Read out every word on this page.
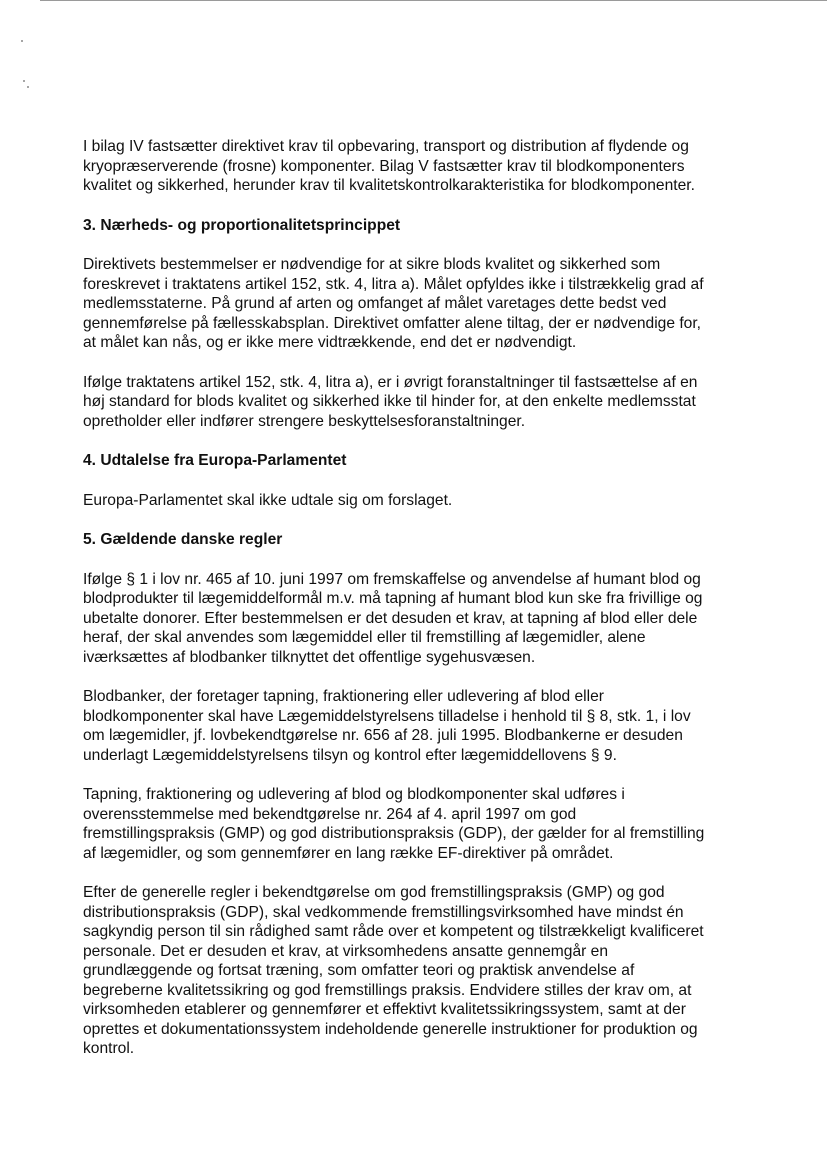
I bilag IV fastsætter direktivet krav til opbevaring, transport og distribution af flydende og
kryopræserverende (frosne) komponenter. Bilag V fastsætter krav til blodkomponenters
kvalitet og sikkerhed, herunder krav til kvalitetskontrolkarakteristika for blodkomponenter.

3. Nærheds- og proportionalitetsprincippet

Direktivets bestemmelser er nødvendige for at sikre blods kvalitet og sikkerhed som
foreskrevet i traktatens artikel 152, stk. 4, litra a). Målet opfyldes ikke i tilstrækkelig grad af
medlemsstaterne. På grund af arten og omfanget af målet varetages dette bedst ved
gennemførelse på fællesskabsplan. Direktivet omfatter alene tiltag, der er nødvendige for,
at målet kan nås, og er ikke mere vidtrækkende, end det er nødvendigt.

Ifølge traktatens artikel 152, stk. 4, litra a), er i øvrigt foranstaltninger til fastsættelse af en
høj standard for blods kvalitet og sikkerhed ikke til hinder for, at den enkelte medlemsstat
opretholder eller indfører strengere beskyttelsesforanstaltninger.

4. Udtalelse fra Europa-Parlamentet

Europa-Parlamentet skal ikke udtale sig om forslaget.

5. Gældende danske regler

Ifølge § 1 i lov nr. 465 af 10. juni 1997 om fremskaffelse og anvendelse af humant blod og
blodprodukter til lægemiddelformål m.v. må tapning af humant blod kun ske fra frivillige og
ubetalte donorer. Efter bestemmelsen er det desuden et krav, at tapning af blod eller dele
heraf, der skal anvendes som lægemiddel eller til fremstilling af lægemidler, alene
iværksættes af blodbanker tilknyttet det offentlige sygehusvæsen.

Blodbanker, der foretager tapning, fraktionering eller udlevering af blod eller
blodkomponenter skal have Lægemiddelstyrelsens tilladelse i henhold til § 8, stk. 1, i lov
om lægemidler, jf. lovbekendtgørelse nr. 656 af 28. juli 1995. Blodbankerne er desuden
underlagt Lægemiddelstyrelsens tilsyn og kontrol efter lægemiddellovens § 9.

Tapning, fraktionering og udlevering af blod og blodkomponenter skal udføres i
overensstemmelse med bekendtgørelse nr. 264 af 4. april 1997 om god
fremstillingspraksis (GMP) og god distributionspraksis (GDP), der gælder for al fremstilling
af lægemidler, og som gennemfører en lang række EF-direktiver på området.

Efter de generelle regler i bekendtgørelse om god fremstillingspraksis (GMP) og god
distributionspraksis (GDP), skal vedkommende fremstillingsvirksomhed have mindst én
sagkyndig person til sin rådighed samt råde over et kompetent og tilstrækkeligt kvalificeret
personale. Det er desuden et krav, at virksomhedens ansatte gennemgår en
grundlæggende og fortsat træning, som omfatter teori og praktisk anvendelse af
begreberne kvalitetssikring og god fremstillings praksis. Endvidere stilles der krav om, at
virksomheden etablerer og gennemfører et effektivt kvalitetssikringssystem, samt at der
oprettes et dokumentationssystem indeholdende generelle instruktioner for produktion og
kontrol.
